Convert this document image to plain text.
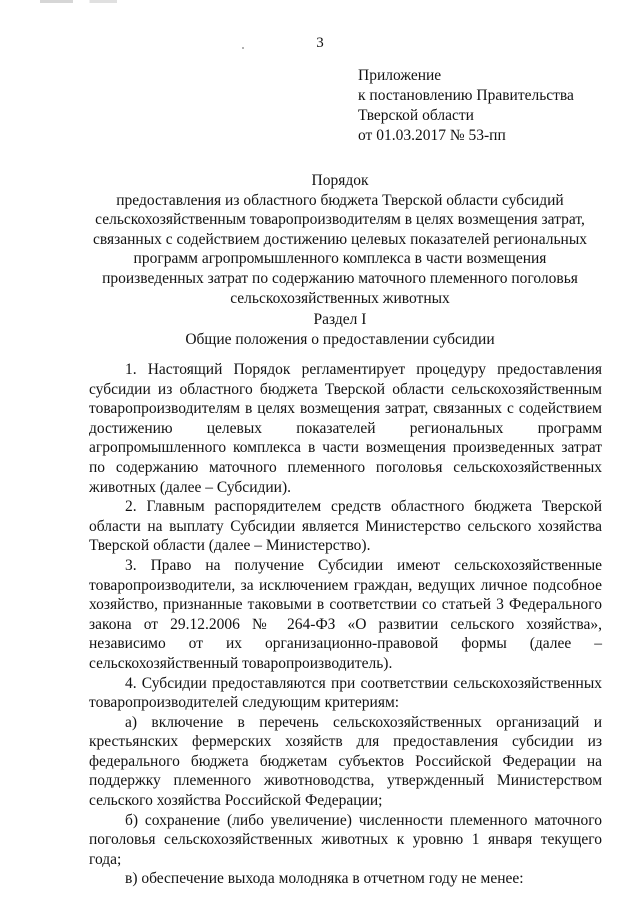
3
Приложение
к постановлению Правительства
Тверской области
от 01.03.2017 № 53-пп
Порядок
предоставления из областного бюджета Тверской области субсидий
сельскохозяйственным товаропроизводителям в целях возмещения затрат,
связанных с содействием достижению целевых показателей региональных
программ агропромышленного комплекса в части возмещения
произведенных затрат по содержанию маточного племенного поголовья
сельскохозяйственных животных
Раздел I
Общие положения о предоставлении субсидии

1. Настоящий Порядок регламентирует процедуру предоставления субсидии из областного бюджета Тверской области сельскохозяйственным товаропроизводителям в целях возмещения затрат, связанных с содействием достижению целевых показателей региональных программ агропромышленного комплекса в части возмещения произведенных затрат по содержанию маточного племенного поголовья сельскохозяйственных животных (далее – Субсидии).

2. Главным распорядителем средств областного бюджета Тверской области на выплату Субсидии является Министерство сельского хозяйства Тверской области (далее – Министерство).

3. Право на получение Субсидии имеют сельскохозяйственные товаропроизводители, за исключением граждан, ведущих личное подсобное хозяйство, признанные таковыми в соответствии со статьей 3 Федерального закона от 29.12.2006 № 264-ФЗ «О развитии сельского хозяйства», независимо от их организационно-правовой формы (далее – сельскохозяйственный товаропроизводитель).

4. Субсидии предоставляются при соответствии сельскохозяйственных товаропроизводителей следующим критериям:

а) включение в перечень сельскохозяйственных организаций и крестьянских фермерских хозяйств для предоставления субсидии из федерального бюджета бюджетам субъектов Российской Федерации на поддержку племенного животноводства, утвержденный Министерством сельского хозяйства Российской Федерации;

б) сохранение (либо увеличение) численности племенного маточного поголовья сельскохозяйственных животных к уровню 1 января текущего года;

в) обеспечение выхода молодняка в отчетном году не менее:
